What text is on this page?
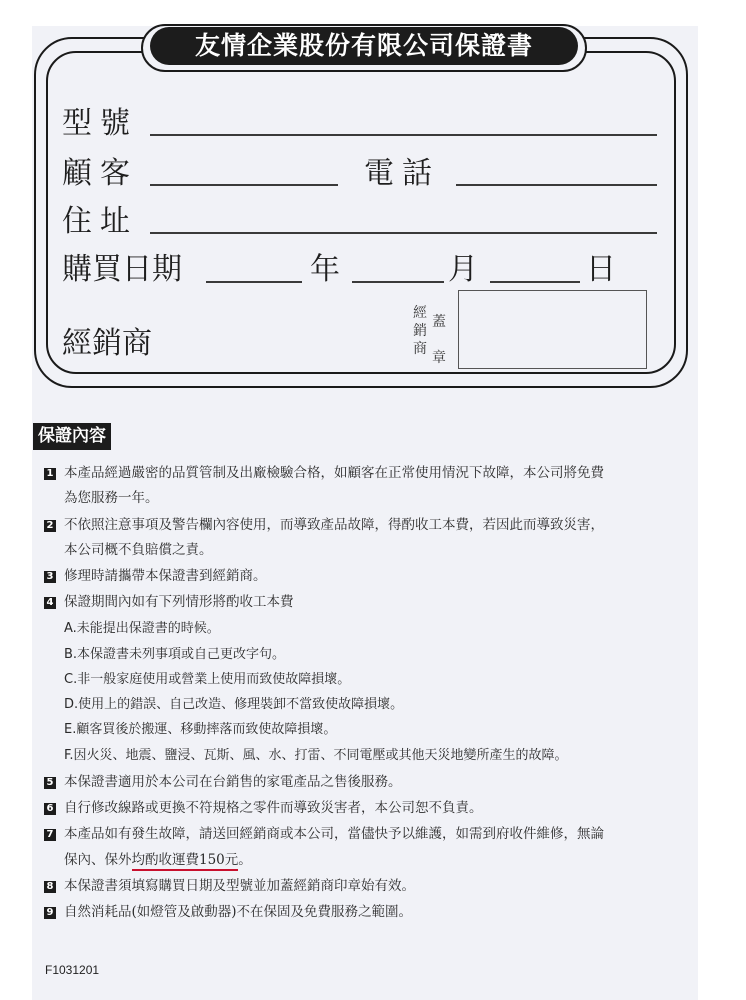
友情企業股份有限公司保證書
型號
顧客	電話
住址
購買日期	年	月	日
經銷商
經
銷
商
蓋
章
保證內容
1 本產品經過嚴密的品質管制及出廠檢驗合格，如顧客在正常使用情況下故障，本公司將免費
為您服務一年。
2 不依照注意事項及警告欄內容使用，而導致產品故障，得酌收工本費，若因此而導致災害，
本公司概不負賠償之責。
3 修理時請攜帶本保證書到經銷商。
4 保證期間內如有下列情形將酌收工本費
A.未能提出保證書的時候。
B.本保證書未列事項或自己更改字句。
C.非一般家庭使用或營業上使用而致使故障損壞。
D.使用上的錯誤、自己改造、修理裝卸不當致使故障損壞。
E.顧客買後於搬運、移動摔落而致使故障損壞。
F.因火災、地震、鹽浸、瓦斯、風、水、打雷、不同電壓或其他天災地變所產生的故障。
5 本保證書適用於本公司在台銷售的家電產品之售後服務。
6 自行修改線路或更換不符規格之零件而導致災害者，本公司恕不負責。
7 本產品如有發生故障，請送回經銷商或本公司，當儘快予以維護，如需到府收件維修，無論
保內、保外均酌收運費150元。
8 本保證書須填寫購買日期及型號並加蓋經銷商印章始有效。
9 自然消耗品(如燈管及啟動器)不在保固及免費服務之範圍。
F1031201
